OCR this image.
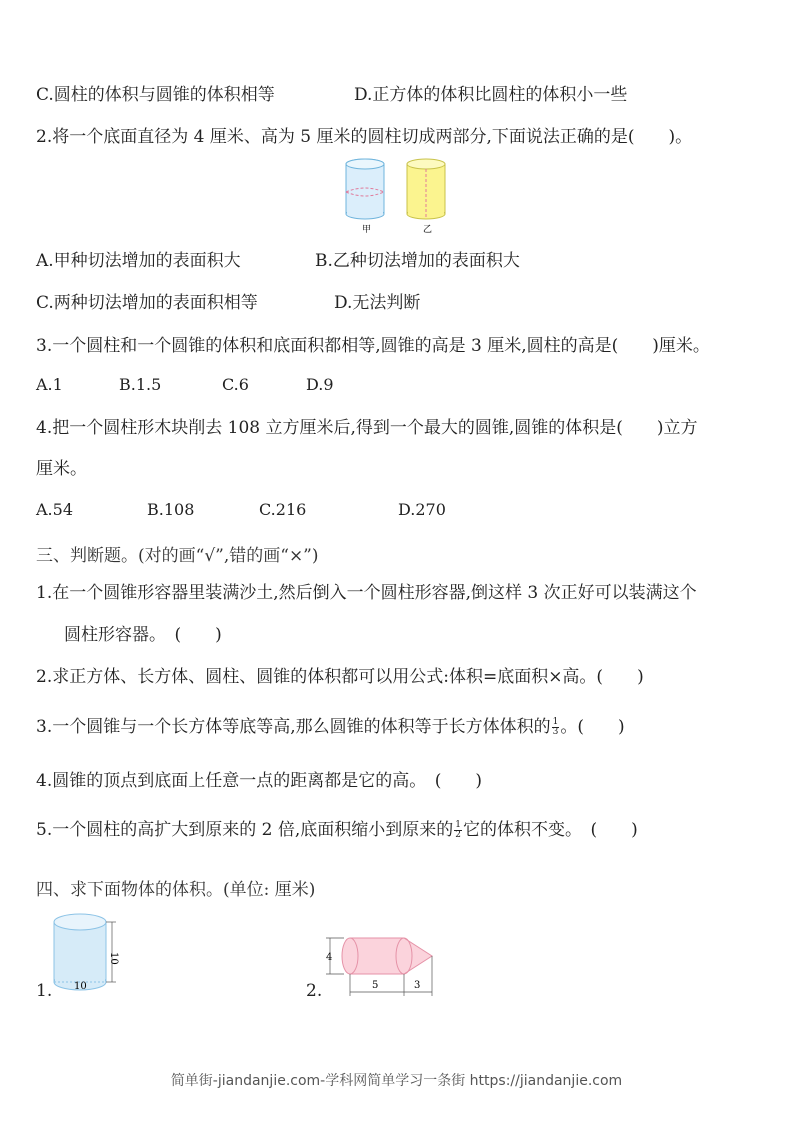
C.圆柱的体积与圆锥的体积相等	D.正方体的体积比圆柱的体积小一些
2.将一个底面直径为 4 厘米、高为 5 厘米的圆柱切成两部分,下面说法正确的是(　　)。
甲	乙
A.甲种切法增加的表面积大	B.乙种切法增加的表面积大
C.两种切法增加的表面积相等	D.无法判断
3.一个圆柱和一个圆锥的体积和底面积都相等,圆锥的高是 3 厘米,圆柱的高是(　　)厘米。
A.1	B.1.5	C.6	D.9
4.把一个圆柱形木块削去 108 立方厘米后,得到一个最大的圆锥,圆锥的体积是(　　)立方
厘米。
A.54	B.108	C.216	D.270
三、判断题。(对的画“√”,错的画“×”)
1.在一个圆锥形容器里装满沙土,然后倒入一个圆柱形容器,倒这样 3 次正好可以装满这个
圆柱形容器。　(　　)
2.求正方体、长方体、圆柱、圆锥的体积都可以用公式:体积=底面积×高。(　　)
3.一个圆锥与一个长方体等底等高,那么圆锥的体积等于长方体体积的 $\frac{1}{3}$ 。(　　)
4.圆锥的顶点到底面上任意一点的距离都是它的高。　(　　)
5.一个圆柱的高扩大到原来的 2 倍,底面积缩小到原来的 $\frac{1}{2}$ 它的体积不变。　(　　)
四、求下面物体的体积。(单位: 厘米)
1.
10
10	2.
4
5	3
简单街-jiandanjie.com-学科网简单学习一条街 https://jiandanjie.com
